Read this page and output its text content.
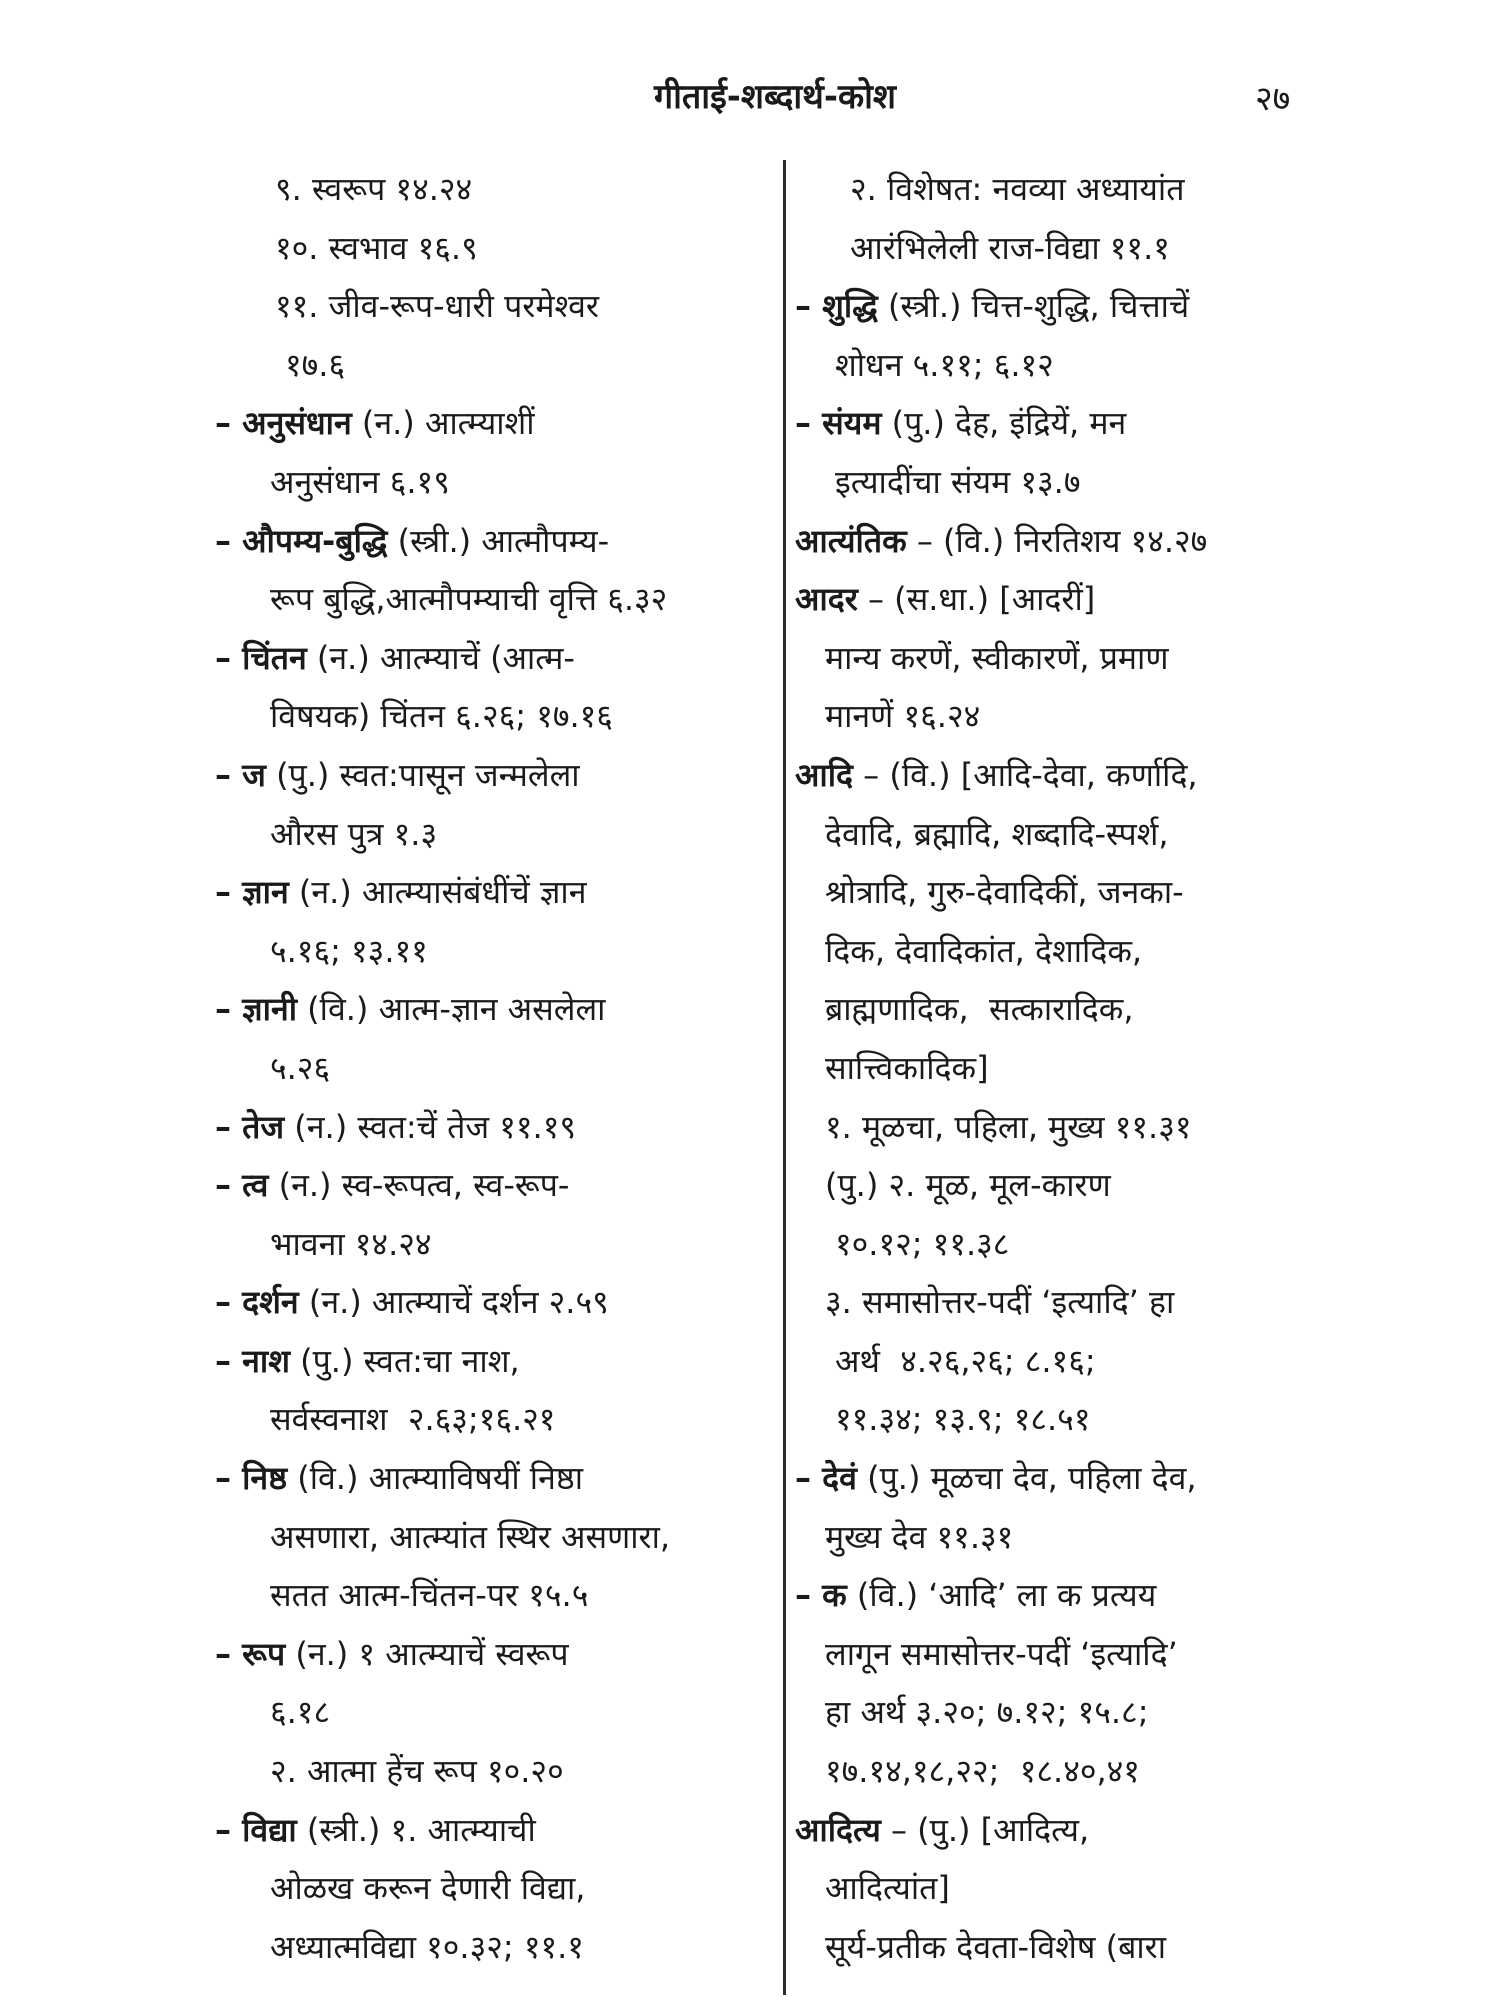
गीताई-शब्दार्थ-कोश	२७
९. स्वरूप १४.२४
१०. स्वभाव १६.९
११. जीव-रूप-धारी परमेश्वर
१७.६
– अनुसंधान (न.) आत्म्याशीं
अनुसंधान ६.१९
– औपम्य-बुद्धि (स्त्री.) आत्मौपम्य-
रूप बुद्धि,आत्मौपम्याची वृत्ति ६.३२
– चिंतन (न.) आत्म्याचें (आत्म-
विषयक) चिंतन ६.२६; १७.१६
– ज (पु.) स्वत:पासून जन्मलेला
औरस पुत्र १.३
– ज्ञान (न.) आत्म्यासंबंधींचें ज्ञान
५.१६; १३.११
– ज्ञानी (वि.) आत्म-ज्ञान असलेला
५.२६
– तेज (न.) स्वत:चें तेज ११.१९
– त्व (न.) स्व-रूपत्व, स्व-रूप-
भावना १४.२४
– दर्शन (न.) आत्म्याचें दर्शन २.५९
– नाश (पु.) स्वत:चा नाश,
सर्वस्वनाश  २.६३;१६.२१
– निष्ठ (वि.) आत्म्याविषयीं निष्ठा
असणारा, आत्म्यांत स्थिर असणारा,
सतत आत्म-चिंतन-पर १५.५
– रूप (न.) १ आत्म्याचें स्वरूप
६.१८
२. आत्मा हेंच रूप १०.२०
– विद्या (स्त्री.) १. आत्म्याची
ओळख करून देणारी विद्या,
अध्यात्मविद्या १०.३२; ११.१
२. विशेषत: नवव्या अध्यायांत
आरंभिलेली राज-विद्या ११.१
– शुद्धि (स्त्री.) चित्त-शुद्धि, चित्ताचें
शोधन ५.११; ६.१२
– संयम (पु.) देह, इंद्रियें, मन
इत्यादींचा संयम १३.७
आत्यंतिक – (वि.) निरतिशय १४.२७
आदर – (स.धा.) [आदरीं]
मान्य करणें, स्वीकारणें, प्रमाण
मानणें १६.२४
आदि – (वि.) [आदि-देवा, कर्णादि,
देवादि, ब्रह्मादि, शब्दादि-स्पर्श,
श्रोत्रादि, गुरु-देवादिकीं, जनका-
दिक, देवादिकांत, देशादिक,
ब्राह्मणादिक,  सत्कारादिक,
सात्त्विकादिक]
१. मूळचा, पहिला, मुख्य ११.३१
(पु.) २. मूळ, मूल-कारण
१०.१२; ११.३८
३. समासोत्तर-पदीं ‘इत्यादि’ हा
अर्थ  ४.२६,२६; ८.१६;
११.३४; १३.९; १८.५१
– देवं (पु.) मूळचा देव, पहिला देव,
मुख्य देव ११.३१
– क (वि.) ‘आदि’ ला क प्रत्यय
लागून समासोत्तर-पदीं ‘इत्यादि’
हा अर्थ ३.२०; ७.१२; १५.८;
१७.१४,१८,२२;  १८.४०,४१
आदित्य – (पु.) [आदित्य,
आदित्यांत]
सूर्य-प्रतीक देवता-विशेष (बारा
